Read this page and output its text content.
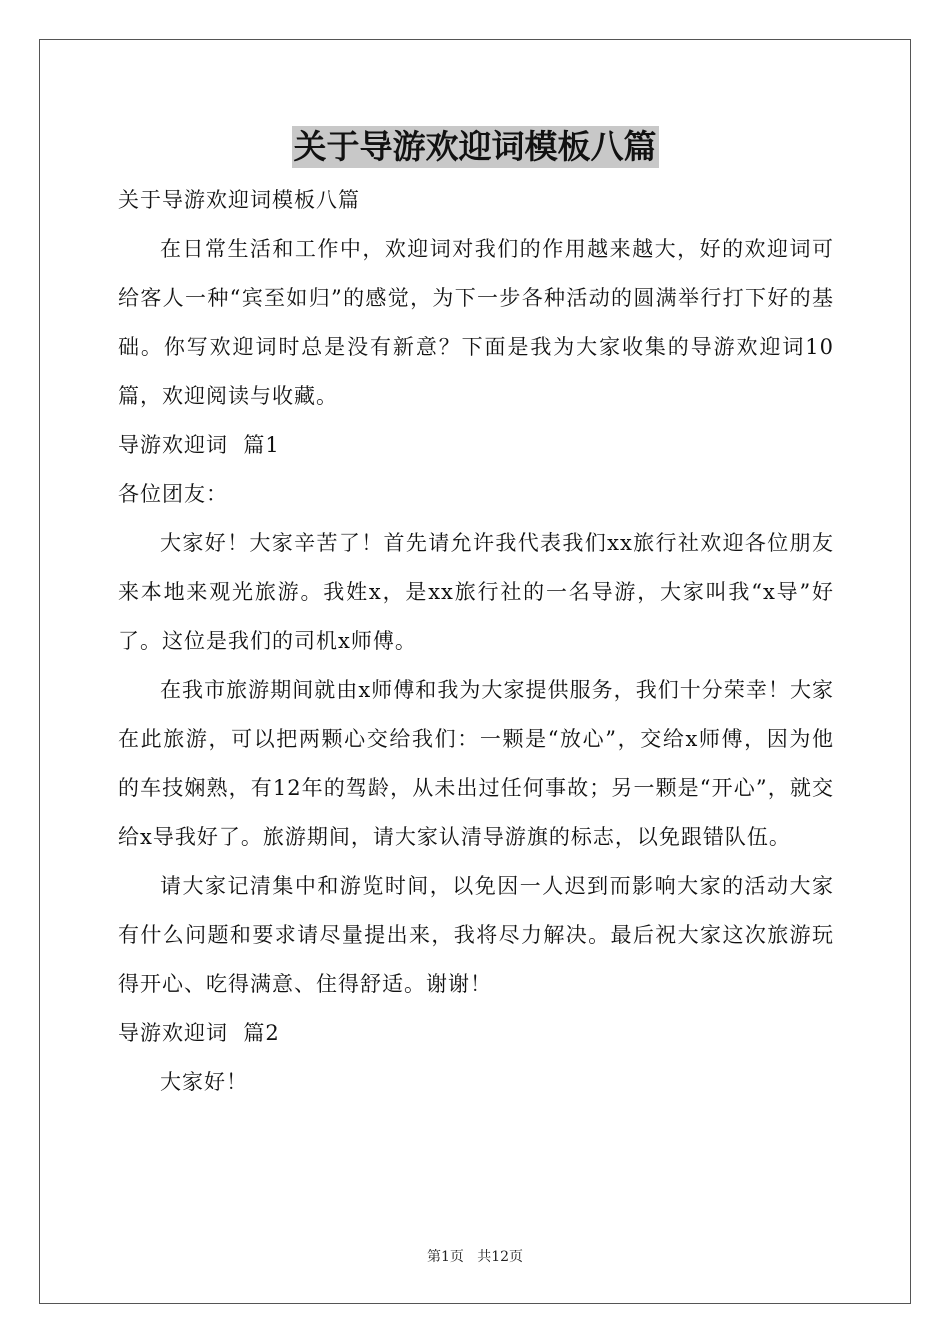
关于导游欢迎词模板八篇

关于导游欢迎词模板八篇

在日常生活和工作中，欢迎词对我们的作用越来越大，好的欢迎词可给客人一种“宾至如归”的感觉，为下一步各种活动的圆满举行打下好的基础。你写欢迎词时总是没有新意？下面是我为大家收集的导游欢迎词10篇，欢迎阅读与收藏。

导游欢迎词  篇1

各位团友：

大家好！大家辛苦了！首先请允许我代表我们xx旅行社欢迎各位朋友来本地来观光旅游。我姓x，是xx旅行社的一名导游，大家叫我“x导”好了。这位是我们的司机x师傅。

在我市旅游期间就由x师傅和我为大家提供服务，我们十分荣幸！大家在此旅游，可以把两颗心交给我们：一颗是“放心”，交给x师傅，因为他的车技娴熟，有12年的驾龄，从未出过任何事故；另一颗是“开心”，就交给x导我好了。旅游期间，请大家认清导游旗的标志，以免跟错队伍。

请大家记清集中和游览时间，以免因一人迟到而影响大家的活动大家有什么问题和要求请尽量提出来，我将尽力解决。最后祝大家这次旅游玩得开心、吃得满意、住得舒适。谢谢！

导游欢迎词  篇2

大家好！

第1页   共12页
